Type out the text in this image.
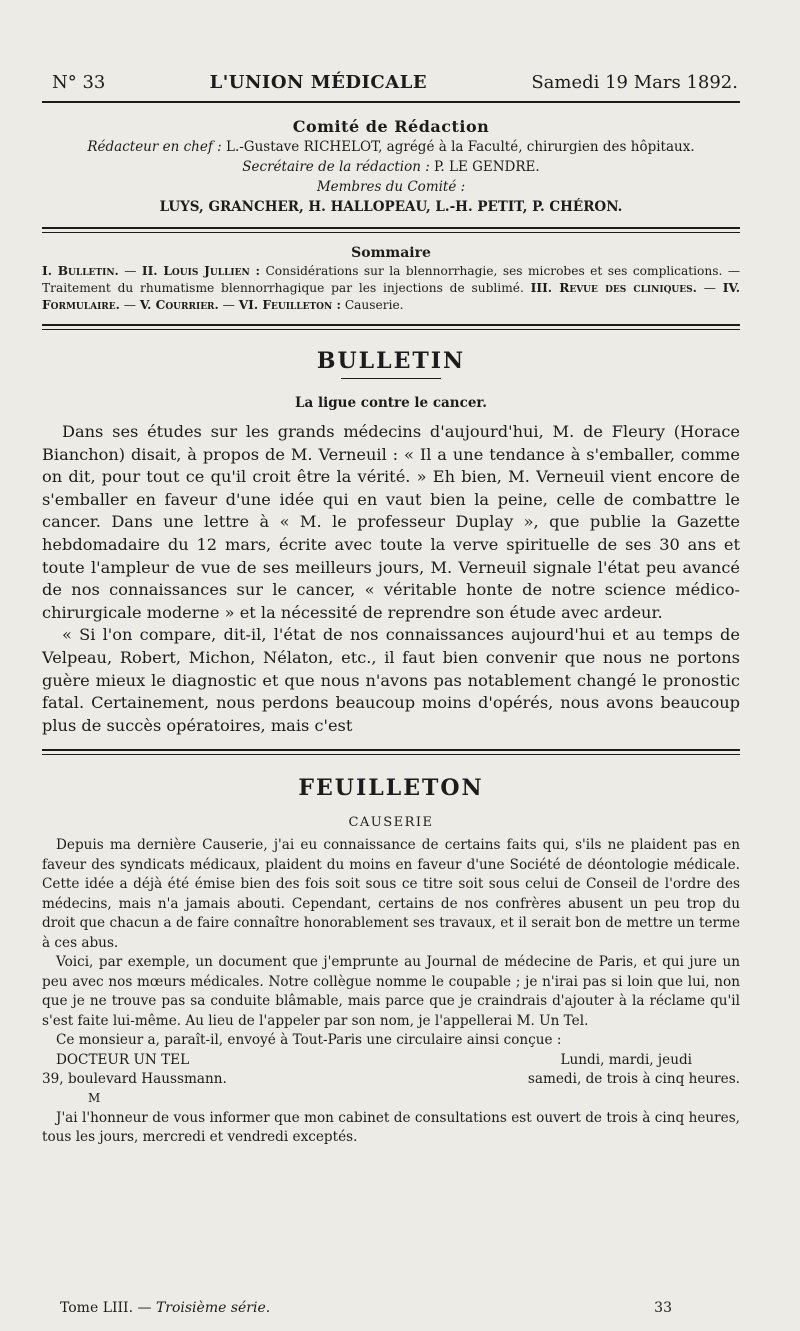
N° 33	L'UNION MÉDICALE	Samedi 19 Mars 1892.
Comité de Rédaction
Rédacteur en chef : L.-Gustave RICHELOT, agrégé à la Faculté, chirurgien des hôpitaux.
Secrétaire de la rédaction : P. LE GENDRE.
Membres du Comité :
LUYS, GRANCHER, H. HALLOPEAU, L.-H. PETIT, P. CHÉRON.
Sommaire
I. Bulletin. — II. Louis Jullien : Considérations sur la blennorrhagie, ses microbes et ses complications. — Traitement du rhumatisme blennorrhagique par les injections de sublimé. III. Revue des cliniques. — IV. Formulaire. — V. Courrier. — VI. Feuilleton : Causerie.
BULLETIN
La ligue contre le cancer.

Dans ses études sur les grands médecins d'aujourd'hui, M. de Fleury (Horace Bianchon) disait, à propos de M. Verneuil : « Il a une tendance à s'emballer, comme on dit, pour tout ce qu'il croit être la vérité. » Eh bien, M. Verneuil vient encore de s'emballer en faveur d'une idée qui en vaut bien la peine, celle de combattre le cancer. Dans une lettre à « M. le professeur Duplay », que publie la Gazette hebdomadaire du 12 mars, écrite avec toute la verve spirituelle de ses 30 ans et toute l'ampleur de vue de ses meilleurs jours, M. Verneuil signale l'état peu avancé de nos connaissances sur le cancer, « véritable honte de notre science médico-chirurgicale moderne » et la nécessité de reprendre son étude avec ardeur.

« Si l'on compare, dit-il, l'état de nos connaissances aujourd'hui et au temps de Velpeau, Robert, Michon, Nélaton, etc., il faut bien convenir que nous ne portons guère mieux le diagnostic et que nous n'avons pas notablement changé le pronostic fatal. Certainement, nous perdons beaucoup moins d'opérés, nous avons beaucoup plus de succès opératoires, mais c'est

FEUILLETON
CAUSERIE

Depuis ma dernière Causerie, j'ai eu connaissance de certains faits qui, s'ils ne plaident pas en faveur des syndicats médicaux, plaident du moins en faveur d'une Société de déontologie médicale. Cette idée a déjà été émise bien des fois soit sous ce titre soit sous celui de Conseil de l'ordre des médecins, mais n'a jamais abouti. Cependant, certains de nos confrères abusent un peu trop du droit que chacun a de faire connaître honorablement ses travaux, et il serait bon de mettre un terme à ces abus.

Voici, par exemple, un document que j'emprunte au Journal de médecine de Paris, et qui jure un peu avec nos mœurs médicales. Notre collègue nomme le coupable ; je n'irai pas si loin que lui, non que je ne trouve pas sa conduite blâmable, mais parce que je craindrais d'ajouter à la réclame qu'il s'est faite lui-même. Au lieu de l'appeler par son nom, je l'appellerai M. Un Tel.

Ce monsieur a, paraît-il, envoyé à Tout-Paris une circulaire ainsi conçue :

DOCTEUR UN TEL	Lundi, mardi, jeudi
39, boulevard Haussmann.	samedi, de trois à cinq heures.
M

J'ai l'honneur de vous informer que mon cabinet de consultations est ouvert de trois à cinq heures, tous les jours, mercredi et vendredi exceptés.

Tome LIII. — Troisième série.	33
